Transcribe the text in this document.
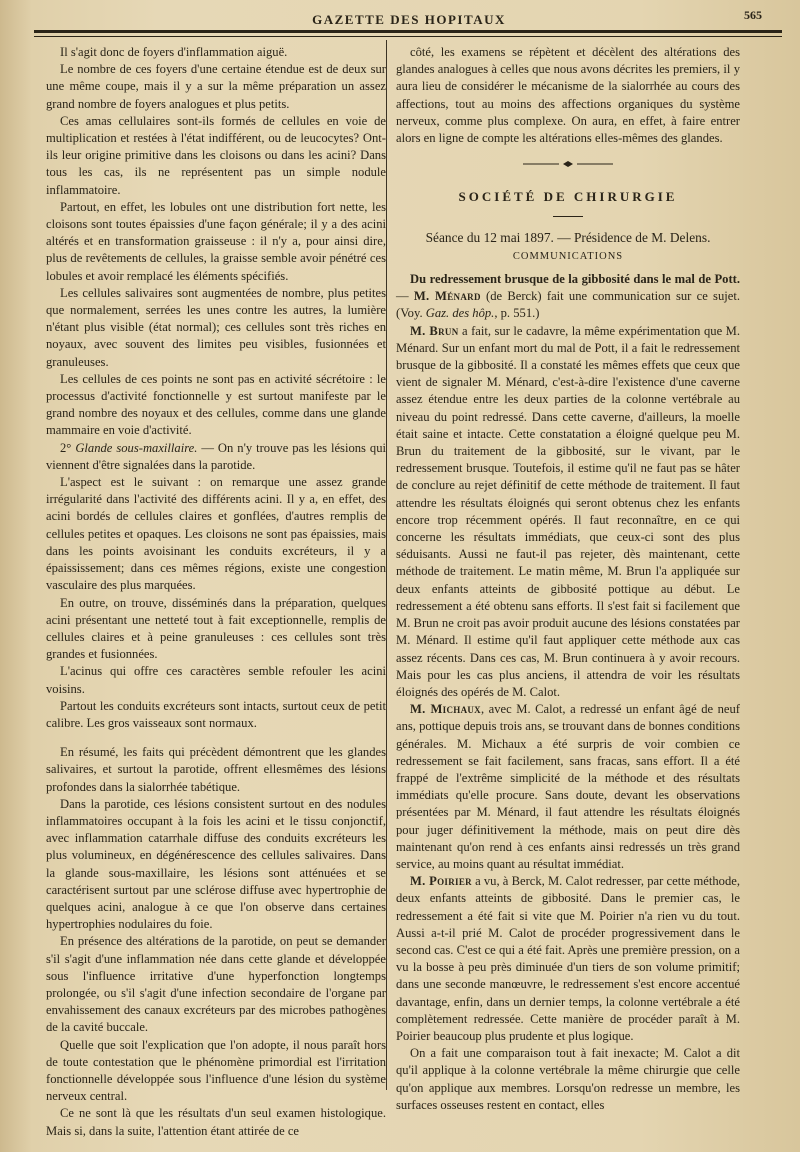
GAZETTE DES HOPITAUX	565

Il s'agit donc de foyers d'inflammation aiguë.

Le nombre de ces foyers d'une certaine étendue est de deux sur une même coupe, mais il y a sur la même préparation un assez grand nombre de foyers analogues et plus petits.

Ces amas cellulaires sont-ils formés de cellules en voie de multiplication et restées à l'état indifférent, ou de leucocytes? Ont-ils leur origine primitive dans les cloisons ou dans les acini? Dans tous les cas, ils ne représentent pas un simple nodule inflammatoire.

Partout, en effet, les lobules ont une distribution fort nette, les cloisons sont toutes épaissies d'une façon générale; il y a des acini altérés et en transformation graisseuse : il n'y a, pour ainsi dire, plus de revêtements de cellules, la graisse semble avoir pénétré ces lobules et avoir remplacé les éléments spécifiés.

Les cellules salivaires sont augmentées de nombre, plus petites que normalement, serrées les unes contre les autres, la lumière n'étant plus visible (état normal); ces cellules sont très riches en noyaux, avec souvent des limites peu visibles, fusionnées et granuleuses.

Les cellules de ces points ne sont pas en activité sécrétoire : le processus d'activité fonctionnelle y est surtout manifeste par le grand nombre des noyaux et des cellules, comme dans une glande mammaire en voie d'activité.

2° Glande sous-maxillaire. — On n'y trouve pas les lésions qui viennent d'être signalées dans la parotide.

L'aspect est le suivant : on remarque une assez grande irrégularité dans l'activité des différents acini. Il y a, en effet, des acini bordés de cellules claires et gonflées, d'autres remplis de cellules petites et opaques. Les cloisons ne sont pas épaissies, mais dans les points avoisinant les conduits excréteurs, il y a épaississement; dans ces mêmes régions, existe une congestion vasculaire des plus marquées.

En outre, on trouve, disséminés dans la préparation, quelques acini présentant une netteté tout à fait exceptionnelle, remplis de cellules claires et à peine granuleuses : ces cellules sont très grandes et fusionnées.

L'acinus qui offre ces caractères semble refouler les acini voisins.

Partout les conduits excréteurs sont intacts, surtout ceux de petit calibre. Les gros vaisseaux sont normaux.

En résumé, les faits qui précèdent démontrent que les glandes salivaires, et surtout la parotide, offrent ellesmêmes des lésions profondes dans la sialorrhée tabétique.

Dans la parotide, ces lésions consistent surtout en des nodules inflammatoires occupant à la fois les acini et le tissu conjonctif, avec inflammation catarrhale diffuse des conduits excréteurs les plus volumineux, en dégénérescence des cellules salivaires. Dans la glande sous-maxillaire, les lésions sont atténuées et se caractérisent surtout par une sclérose diffuse avec hypertrophie de quelques acini, analogue à ce que l'on observe dans certaines hypertrophies nodulaires du foie.

En présence des altérations de la parotide, on peut se demander s'il s'agit d'une inflammation née dans cette glande et développée sous l'influence irritative d'une hyperfonction longtemps prolongée, ou s'il s'agit d'une infection secondaire de l'organe par envahissement des canaux excréteurs par des microbes pathogènes de la cavité buccale.

Quelle que soit l'explication que l'on adopte, il nous paraît hors de toute contestation que le phénomène primordial est l'irritation fonctionnelle développée sous l'influence d'une lésion du système nerveux central.

Ce ne sont là que les résultats d'un seul examen histologique. Mais si, dans la suite, l'attention étant attirée de ce

côté, les examens se répètent et décèlent des altérations des glandes analogues à celles que nous avons décrites les premiers, il y aura lieu de considérer le mécanisme de la sialorrhée au cours des affections, tout au moins des affections organiques du système nerveux, comme plus complexe. On aura, en effet, à faire entrer alors en ligne de compte les altérations elles-mêmes des glandes.

SOCIÉTÉ DE CHIRURGIE

Séance du 12 mai 1897. — Présidence de M. Delens.

COMMUNICATIONS

Du redressement brusque de la gibbosité dans le mal de Pott. — M. Ménard (de Berck) fait une communication sur ce sujet. (Voy. Gaz. des hôp., p. 551.)

M. Brun a fait, sur le cadavre, la même expérimentation que M. Ménard. Sur un enfant mort du mal de Pott, il a fait le redressement brusque de la gibbosité. Il a constaté les mêmes effets que ceux que vient de signaler M. Ménard, c'est-à-dire l'existence d'une caverne assez étendue entre les deux parties de la colonne vertébrale au niveau du point redressé. Dans cette caverne, d'ailleurs, la moelle était saine et intacte. Cette constatation a éloigné quelque peu M. Brun du traitement de la gibbosité, sur le vivant, par le redressement brusque. Toutefois, il estime qu'il ne faut pas se hâter de conclure au rejet définitif de cette méthode de traitement. Il faut attendre les résultats éloignés qui seront obtenus chez les enfants encore trop récemment opérés. Il faut reconnaître, en ce qui concerne les résultats immédiats, que ceux-ci sont des plus séduisants. Aussi ne faut-il pas rejeter, dès maintenant, cette méthode de traitement. Le matin même, M. Brun l'a appliquée sur deux enfants atteints de gibbosité pottique au début. Le redressement a été obtenu sans efforts. Il s'est fait si facilement que M. Brun ne croit pas avoir produit aucune des lésions constatées par M. Ménard. Il estime qu'il faut appliquer cette méthode aux cas assez récents. Dans ces cas, M. Brun continuera à y avoir recours. Mais pour les cas plus anciens, il attendra de voir les résultats éloignés des opérés de M. Calot.

M. Michaux, avec M. Calot, a redressé un enfant âgé de neuf ans, pottique depuis trois ans, se trouvant dans de bonnes conditions générales. M. Michaux a été surpris de voir combien ce redressement se fait facilement, sans fracas, sans effort. Il a été frappé de l'extrême simplicité de la méthode et des résultats immédiats qu'elle procure. Sans doute, devant les observations présentées par M. Ménard, il faut attendre les résultats éloignés pour juger définitivement la méthode, mais on peut dire dès maintenant qu'on rend à ces enfants ainsi redressés un très grand service, au moins quant au résultat immédiat.

M. Poirier a vu, à Berck, M. Calot redresser, par cette méthode, deux enfants atteints de gibbosité. Dans le premier cas, le redressement a été fait si vite que M. Poirier n'a rien vu du tout. Aussi a-t-il prié M. Calot de procéder progressivement dans le second cas. C'est ce qui a été fait. Après une première pression, on a vu la bosse à peu près diminuée d'un tiers de son volume primitif; dans une seconde manœuvre, le redressement s'est encore accentué davantage, enfin, dans un dernier temps, la colonne vertébrale a été complètement redressée. Cette manière de procéder paraît à M. Poirier beaucoup plus prudente et plus logique.

On a fait une comparaison tout à fait inexacte; M. Calot a dit qu'il applique à la colonne vertébrale la même chirurgie que celle qu'on applique aux membres. Lorsqu'on redresse un membre, les surfaces osseuses restent en contact, elles
